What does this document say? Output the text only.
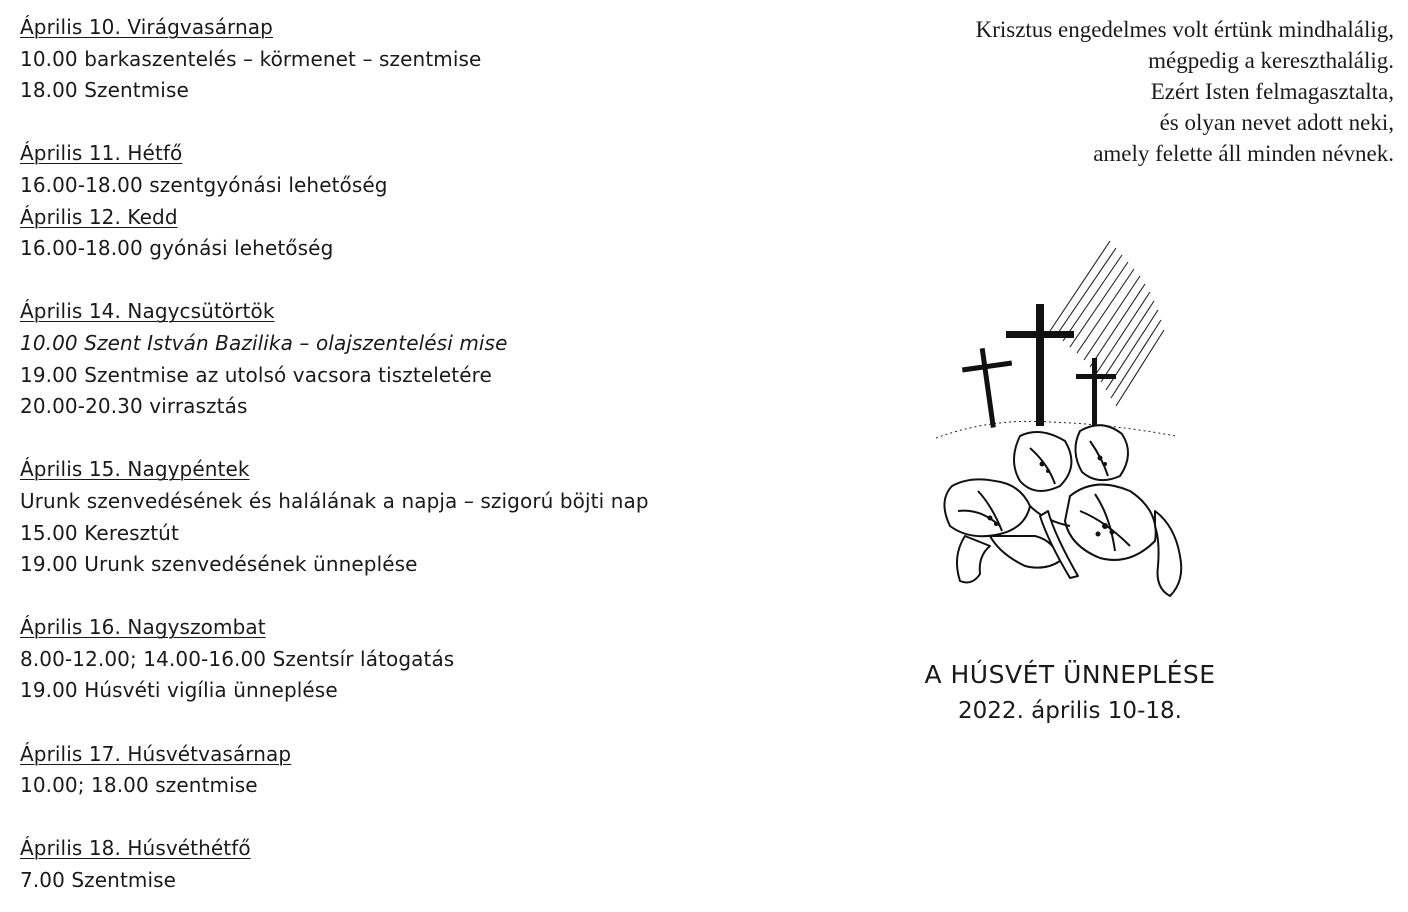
Április 10. Virágvasárnap
10.00 barkaszentelés – körmenet – szentmise
18.00 Szentmise
Április 11. Hétfő
16.00-18.00 szentgyónási lehetőség
Április 12. Kedd
16.00-18.00 gyónási lehetőség
Április 14. Nagycsütörtök
10.00 Szent István Bazilika – olajszentelési mise
19.00 Szentmise az utolsó vacsora tiszteletére
20.00-20.30 virrasztás
Április 15. Nagypéntek
Urunk szenvedésének és halálának a napja – szigorú böjti nap
15.00 Keresztút
19.00 Urunk szenvedésének ünneplése
Április 16. Nagyszombat
8.00-12.00; 14.00-16.00 Szentsír látogatás
19.00 Húsvéti vigília ünneplése
Április 17. Húsvétvasárnap
10.00; 18.00 szentmise
Április 18. Húsvéthétfő
7.00 Szentmise
Krisztus engedelmes volt értünk mindhalálig,
mégpedig a kereszthalálig.
Ezért Isten felmagasztalta,
és olyan nevet adott neki,
amely felette áll minden névnek.
A HÚSVÉT ÜNNEPLÉSE
2022. április 10-18.
